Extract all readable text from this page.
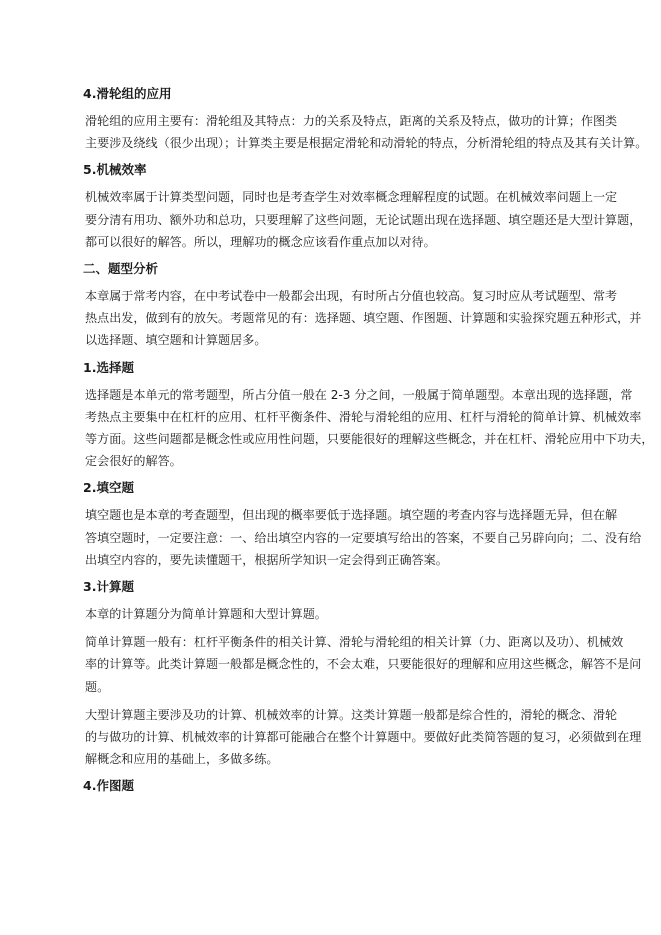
4.滑轮组的应用
滑轮组的应用主要有：滑轮组及其特点：力的关系及特点，距离的关系及特点，做功的计算；作图类
主要涉及绕线（很少出现）；计算类主要是根据定滑轮和动滑轮的特点，分析滑轮组的特点及其有关计算。
5.机械效率
机械效率属于计算类型问题，同时也是考查学生对效率概念理解程度的试题。在机械效率问题上一定
要分清有用功、额外功和总功，只要理解了这些问题，无论试题出现在选择题、填空题还是大型计算题，
都可以很好的解答。所以，理解功的概念应该看作重点加以对待。
二、题型分析
本章属于常考内容，在中考试卷中一般都会出现，有时所占分值也较高。复习时应从考试题型、常考
热点出发，做到有的放矢。考题常见的有：选择题、填空题、作图题、计算题和实验探究题五种形式，并
以选择题、填空题和计算题居多。
1.选择题
选择题是本单元的常考题型，所占分值一般在 2-3 分之间，一般属于简单题型。本章出现的选择题，常
考热点主要集中在杠杆的应用、杠杆平衡条件、滑轮与滑轮组的应用、杠杆与滑轮的简单计算、机械效率
等方面。这些问题都是概念性或应用性问题，只要能很好的理解这些概念，并在杠杆、滑轮应用中下功夫，
定会很好的解答。
2.填空题
填空题也是本章的考查题型，但出现的概率要低于选择题。填空题的考查内容与选择题无异，但在解
答填空题时，一定要注意：一、给出填空内容的一定要填写给出的答案，不要自己另辟向向；二、没有给
出填空内容的，要先读懂题干，根据所学知识一定会得到正确答案。
3.计算题
本章的计算题分为简单计算题和大型计算题。
简单计算题一般有：杠杆平衡条件的相关计算、滑轮与滑轮组的相关计算（力、距离以及功）、机械效
率的计算等。此类计算题一般都是概念性的，不会太难，只要能很好的理解和应用这些概念，解答不是问
题。
大型计算题主要涉及功的计算、机械效率的计算。这类计算题一般都是综合性的，滑轮的概念、滑轮
的与做功的计算、机械效率的计算都可能融合在整个计算题中。要做好此类简答题的复习，必须做到在理
解概念和应用的基础上，多做多练。
4.作图题
